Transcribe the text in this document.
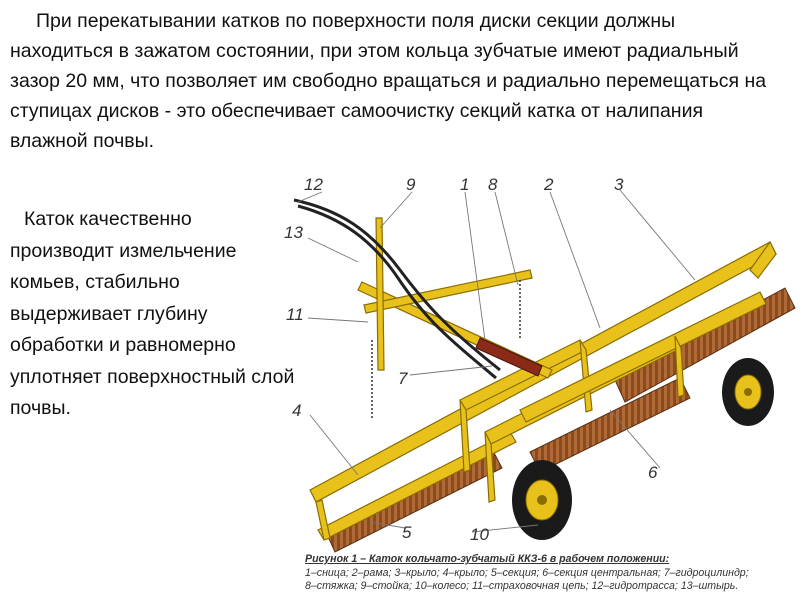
При перекатывании катков по поверхности поля диски секции должны находиться в зажатом состоянии, при этом кольца зубчатые имеют радиальный зазор 20 мм, что позволяет им свободно вращаться и радиально перемещаться на ступицах дисков - это обеспечивает самоочистку секций катка от налипания влажной почвы.

Каток качественно производит измельчение комьев, стабильно выдерживает глубину обработки и равномерно уплотняет поверхностный слой почвы.

12	9	1 8	2	3
13
11
7
4
5
6
10
Рисунок 1 – Каток кольчато-зубчатый ККЗ-6 в рабочем положении:
1–сница; 2–рама; 3–крыло; 4–крыло; 5–секция; 6–секция центральная; 7–гидроцилиндр;
8–стяжка; 9–стойка; 10–колесо; 11–страховочная цепь; 12–гидротрасса; 13–штырь.
